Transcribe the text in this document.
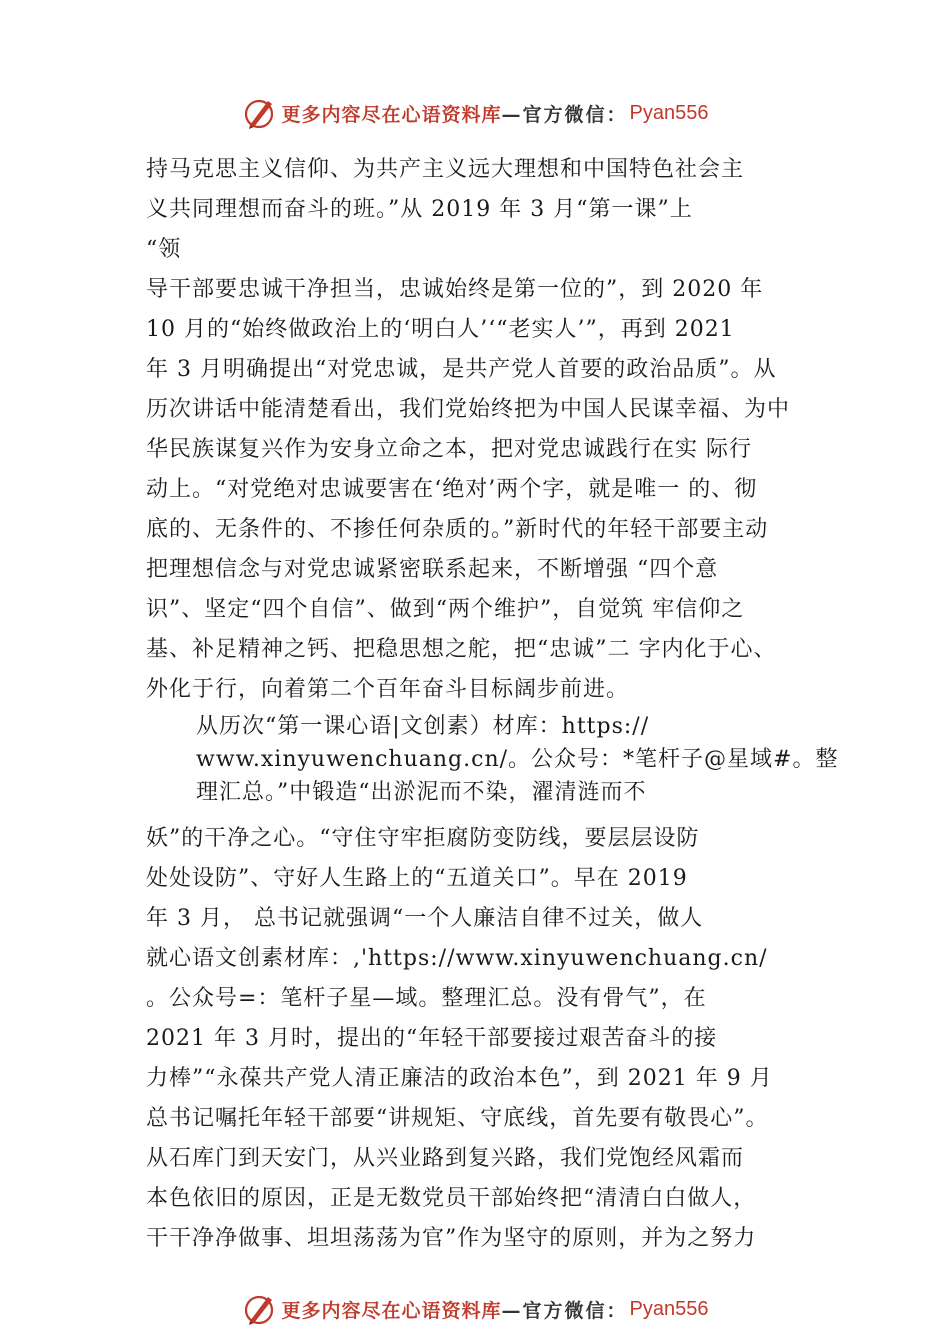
更多内容尽在心语资料库 —官方微信： Pyan556
持马克思主义信仰、为共产主义远大理想和中国特色社会主
义共同理想而奋斗的班。”从 2019 年 3 月“第一课”上
“领
导干部要忠诚干净担当，忠诚始终是第一位的”，到 2020 年
10 月的“始终做政治上的‘明白人’‘“老实人’”，再到 2021
年 3 月明确提出“对党忠诚，是共产党人首要的政治品质”。从
历次讲话中能清楚看出，我们党始终把为中国人民谋幸福、为中
华民族谋复兴作为安身立命之本，把对党忠诚践行在实 际行
动上。“对党绝对忠诚要害在‘绝对’两个字，就是唯一 的、彻
底的、无条件的、不掺任何杂质的。”新时代的年轻干部要主动
把理想信念与对党忠诚紧密联系起来，不断增强 “四个意
识”、坚定“四个自信”、做到“两个维护”，自觉筑 牢信仰之
基、补足精神之钙、把稳思想之舵，把“忠诚”二 字内化于心、
外化于行，向着第二个百年奋斗目标阔步前进。
从历次“第一课心语|文创素）材库：https://
www.xinyuwenchuang.cn/。公众号：*笔杆子@星域#。整
理汇总。”中锻造“出淤泥而不染，濯清涟而不
妖”的干净之心。“守住守牢拒腐防变防线，要层层设防
处处设防”、守好人生路上的“五道关口”。早在 2019
年 3 月， 总书记就强调“一个人廉洁自律不过关，做人
就心语文创素材库：,'https://www.xinyuwenchuang.cn/
。公众号=：笔杆子星—域。整理汇总。没有骨气”，在
2021 年 3 月时，提出的“年轻干部要接过艰苦奋斗的接
力棒”“永葆共产党人清正廉洁的政治本色”，到 2021 年 9 月
总书记嘱托年轻干部要“讲规矩、守底线，首先要有敬畏心”。
从石库门到天安门，从兴业路到复兴路，我们党饱经风霜而
本色依旧的原因，正是无数党员干部始终把“清清白白做人，
干干净净做事、坦坦荡荡为官”作为坚守的原则，并为之努力
更多内容尽在心语资料库 —官方微信： Pyan556
